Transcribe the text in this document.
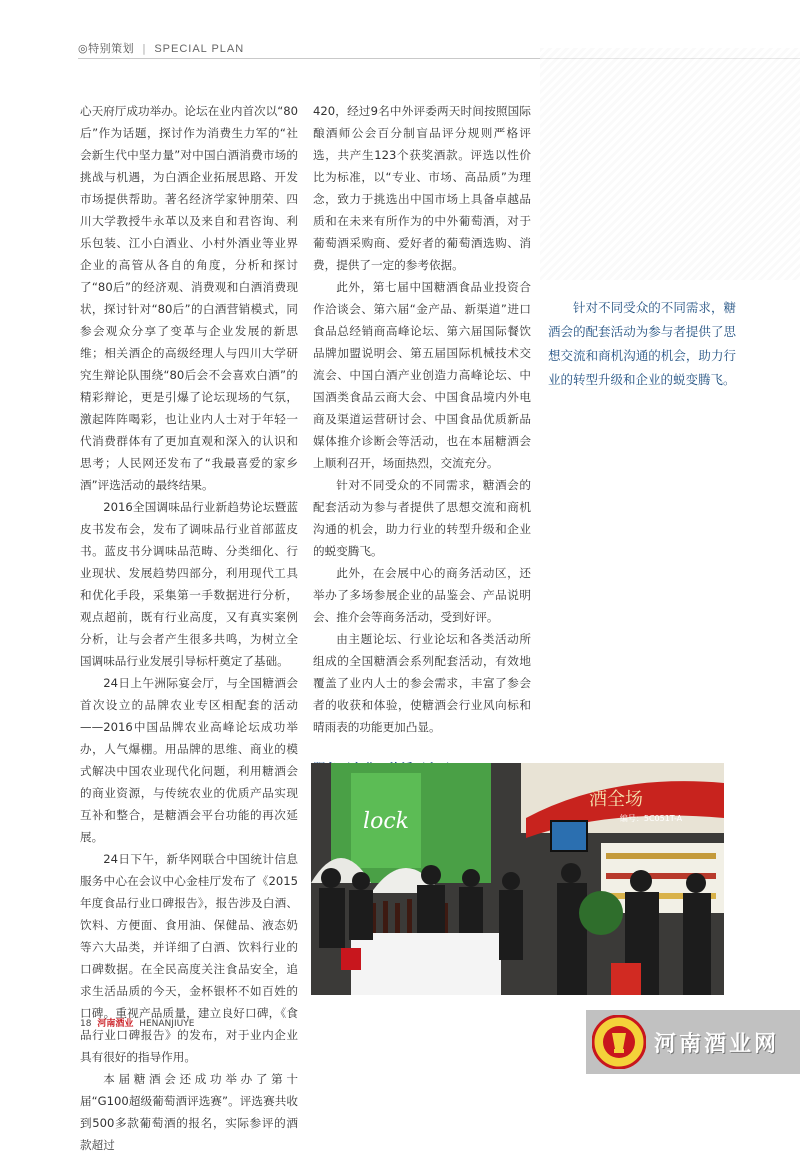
◎特别策划 | SPECIAL PLAN

心天府厅成功举办。论坛在业内首次以“80后”作为话题，探讨作为消费生力军的“社会新生代中坚力量”对中国白酒消费市场的挑战与机遇，为白酒企业拓展思路、开发市场提供帮助。著名经济学家钟朋荣、四川大学教授牛永革以及来自和君咨询、利乐包装、江小白酒业、小村外酒业等业界企业的高管从各自的角度，分析和探讨了“80后”的经济观、消费观和白酒消费现状，探讨针对“80后”的白酒营销模式，同参会观众分享了变革与企业发展的新思维；相关酒企的高级经理人与四川大学研究生辩论队围绕“80后会不会喜欢白酒”的精彩辩论，更是引爆了论坛现场的气氛，激起阵阵喝彩，也让业内人士对于年轻一代消费群体有了更加直观和深入的认识和思考；人民网还发布了“我最喜爱的家乡酒”评选活动的最终结果。

2016全国调味品行业新趋势论坛暨蓝皮书发布会，发布了调味品行业首部蓝皮书。蓝皮书分调味品范畴、分类细化、行业现状、发展趋势四部分，利用现代工具和优化手段，采集第一手数据进行分析，观点超前，既有行业高度，又有真实案例分析，让与会者产生很多共鸣，为树立全国调味品行业发展引导标杆奠定了基础。

24日上午洲际宴会厅，与全国糖酒会首次设立的品牌农业专区相配套的活动——2016中国品牌农业高峰论坛成功举办，人气爆棚。用品牌的思维、商业的模式解决中国农业现代化问题，利用糖酒会的商业资源，与传统农业的优质产品实现互补和整合，是糖酒会平台功能的再次延展。

24日下午，新华网联合中国统计信息服务中心在会议中心金桂厅发布了《2015年度食品行业口碑报告》，报告涉及白酒、饮料、方便面、食用油、保健品、液态奶等六大品类，并详细了白酒、饮料行业的口碑数据。在全民高度关注食品安全，追求生活品质的今天，金杯银杯不如百姓的口碑。重视产品质量，建立良好口碑，《食品行业口碑报告》的发布，对于业内企业具有很好的指导作用。

本届糖酒会还成功举办了第十届“G100超级葡萄酒评选赛”。评选赛共收到500多款葡萄酒的报名，实际参评的酒款超过

420，经过9名中外评委两天时间按照国际酿酒师公会百分制盲品评分规则严格评选，共产生123个获奖酒款。评选以性价比为标准，以“专业、市场、高品质”为理念，致力于挑选出中国市场上具备卓越品质和在未来有所作为的中外葡萄酒，对于葡萄酒采购商、爱好者的葡萄酒选购、消费，提供了一定的参考依据。

此外，第七届中国糖酒食品业投资合作洽谈会、第六届“金产品、新渠道”进口食品总经销商高峰论坛、第六届国际餐饮品牌加盟说明会、第五届国际机械技术交流会、中国白酒产业创造力高峰论坛、中国酒类食品云商大会、中国食品境内外电商及渠道运营研讨会、中国食品优质新品媒体推介诊断会等活动，也在本届糖酒会上顺利召开，场面热烈，交流充分。

针对不同受众的不同需求，糖酒会的配套活动为参与者提供了思想交流和商机沟通的机会，助力行业的转型升级和企业的蜕变腾飞。

此外，在会展中心的商务活动区，还举办了多场参展企业的品鉴会、产品说明会、推介会等商务活动，受到好评。

由主题论坛、行业论坛和各类活动所组成的全国糖酒会系列配套活动，有效地覆盖了业内人士的参会需求，丰富了参会者的收获和体验，使糖酒会行业风向标和晴雨表的功能更加凸显。

针对不同受众的不同需求，糖酒会的配套活动为参与者提供了思想交流和商机沟通的机会，助力行业的转型升级和企业的蜕变腾飞。
lock
酒全场
编号：5C051T-A
18 河南酒业 HENANJIUYE
河南酒业网
